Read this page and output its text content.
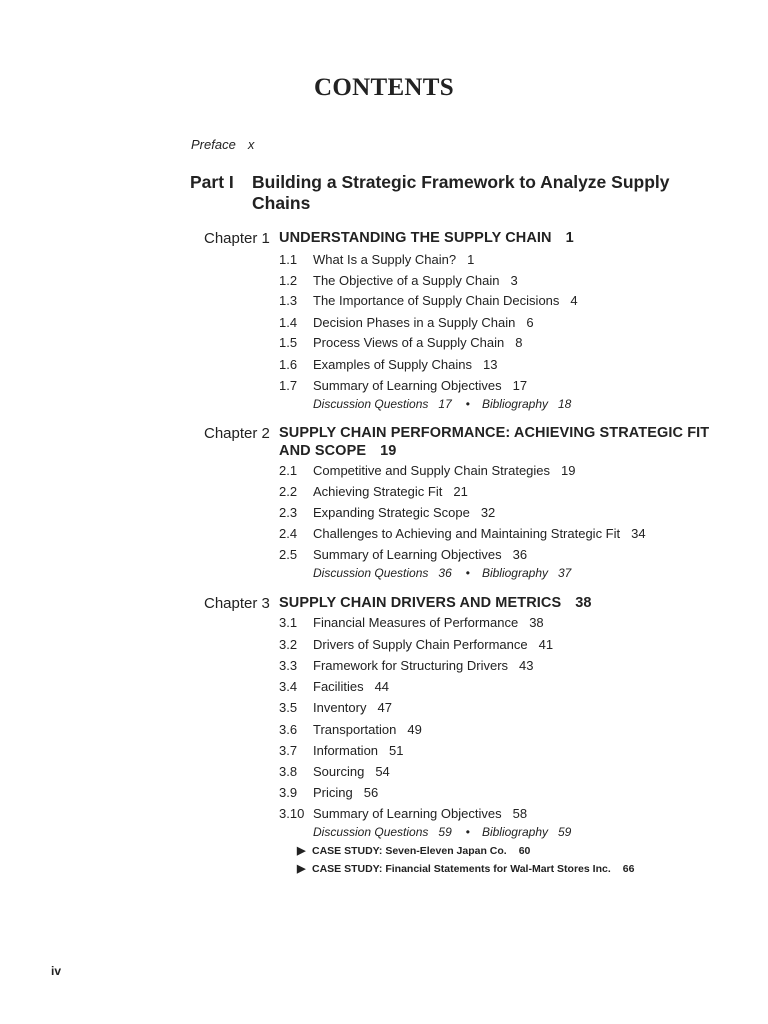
CONTENTS
Preface x
Part I Building a Strategic Framework to Analyze Supply Chains
Chapter 1 UNDERSTANDING THE SUPPLY CHAIN 1
1.1 What Is a Supply Chain? 1
1.2 The Objective of a Supply Chain 3
1.3 The Importance of Supply Chain Decisions 4
1.4 Decision Phases in a Supply Chain 6
1.5 Process Views of a Supply Chain 8
1.6 Examples of Supply Chains 13
1.7 Summary of Learning Objectives 17
Discussion Questions 17 • Bibliography 18
Chapter 2 SUPPLY CHAIN PERFORMANCE: ACHIEVING STRATEGIC FIT AND SCOPE 19
2.1 Competitive and Supply Chain Strategies 19
2.2 Achieving Strategic Fit 21
2.3 Expanding Strategic Scope 32
2.4 Challenges to Achieving and Maintaining Strategic Fit 34
2.5 Summary of Learning Objectives 36
Discussion Questions 36 • Bibliography 37
Chapter 3 SUPPLY CHAIN DRIVERS AND METRICS 38
3.1 Financial Measures of Performance 38
3.2 Drivers of Supply Chain Performance 41
3.3 Framework for Structuring Drivers 43
3.4 Facilities 44
3.5 Inventory 47
3.6 Transportation 49
3.7 Information 51
3.8 Sourcing 54
3.9 Pricing 56
3.10 Summary of Learning Objectives 58
Discussion Questions 59 • Bibliography 59
▶ CASE STUDY: Seven-Eleven Japan Co. 60
▶ CASE STUDY: Financial Statements for Wal-Mart Stores Inc. 66
iv
